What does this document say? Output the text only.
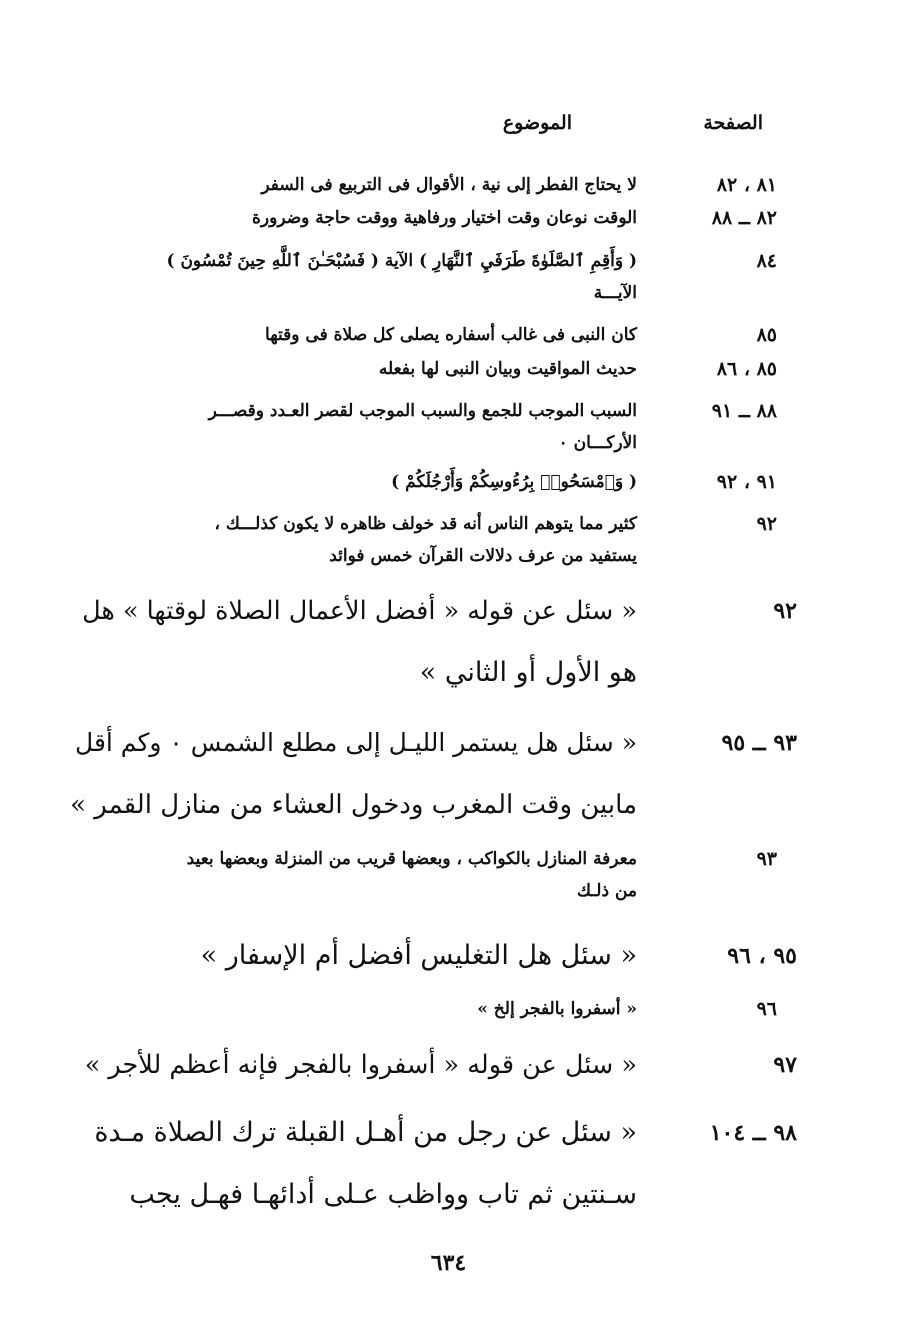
الصفحة
الموضوع
٨١ ، ٨٢
لا يحتاج الفطر إلى نية ، الأقوال فى التربيع فى السفر
٨٢ ــ ٨٨
الوقت نوعان وقت اختيار ورفاهية ووقت حاجة وضرورة
٨٤
( وَأَقِمِ ٱلصَّلَوٰةَ طَرَفَيِ ٱلنَّهَارِ ) الآية ( فَسُبْحَـٰنَ ٱللَّهِ حِينَ تُمْسُونَ )
الآيـــة
٨٥
كان النبى فى غالب أسفاره يصلى كل صلاة فى وقتها
٨٥ ، ٨٦
حديث المواقيت وبيان النبى لها بفعله
٨٨ ــ ٩١
السبب الموجب للجمع والسبب الموجب لقصر العـدد وقصـــر
الأركـــان ٠
٩١ ، ٩٢
( وَٱمْسَحُوا۟ بِرُءُوسِكُمْ وَأَرْجُلَكُمْ )
٩٢
كثير مما يتوهم الناس أنه قد خولف ظاهره لا يكون كذلـــك ،
يستفيد من عرف دلالات القرآن خمس فوائد
٩٢
« سئل عن قوله « أفضل الأعمال الصلاة لوقتها » هل
هو الأول أو الثاني »
٩٣ ــ ٩٥
« سئل هل يستمر الليـل إلى مطلع الشمس ٠ وكم أقل
مابين وقت المغرب ودخول العشاء من منازل القمر »
٩٣
معرفة المنازل بالكواكب ، وبعضها قريب من المنزلة وبعضها بعيد
من ذلـك
٩٥ ، ٩٦
« سئل هل التغليس أفضل أم الإسفار »
٩٦
« أسفروا بالفجر إلخ »
٩٧
« سئل عن قوله « أسفروا بالفجر فإنه أعظم للأجر »
٩٨ ــ ١٠٤
« سئل عن رجل من أهـل القبلة ترك الصلاة مـدة
سـنتين ثم تاب وواظب عـلى أدائهـا فهـل يجب
٦٣٤
